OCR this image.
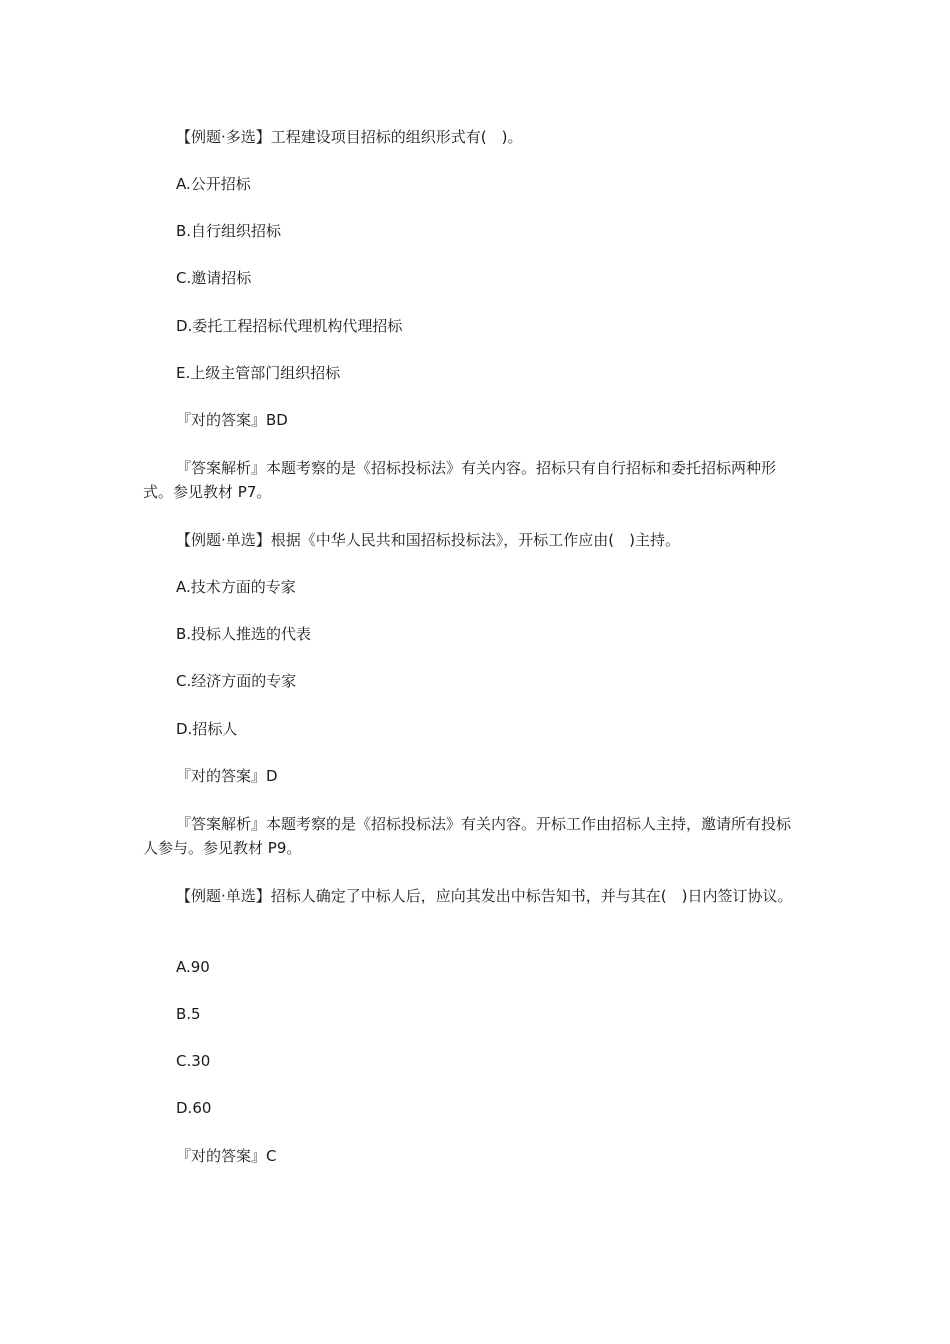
【例题·多选】工程建设项目招标的组织形式有(　)。
A.公开招标
B.自行组织招标
C.邀请招标
D.委托工程招标代理机构代理招标
E.上级主管部门组织招标
『对的答案』BD
『答案解析』本题考察的是《招标投标法》有关内容。招标只有自行招标和委托招标两种形式。参见教材 P7。
【例题·单选】根据《中华人民共和国招标投标法》，开标工作应由(　)主持。
A.技术方面的专家
B.投标人推选的代表
C.经济方面的专家
D.招标人
『对的答案』D
『答案解析』本题考察的是《招标投标法》有关内容。开标工作由招标人主持，邀请所有投标人参与。参见教材 P9。
【例题·单选】招标人确定了中标人后，应向其发出中标告知书，并与其在(　)日内签订协议。
A.90
B.5
C.30
D.60
『对的答案』C
